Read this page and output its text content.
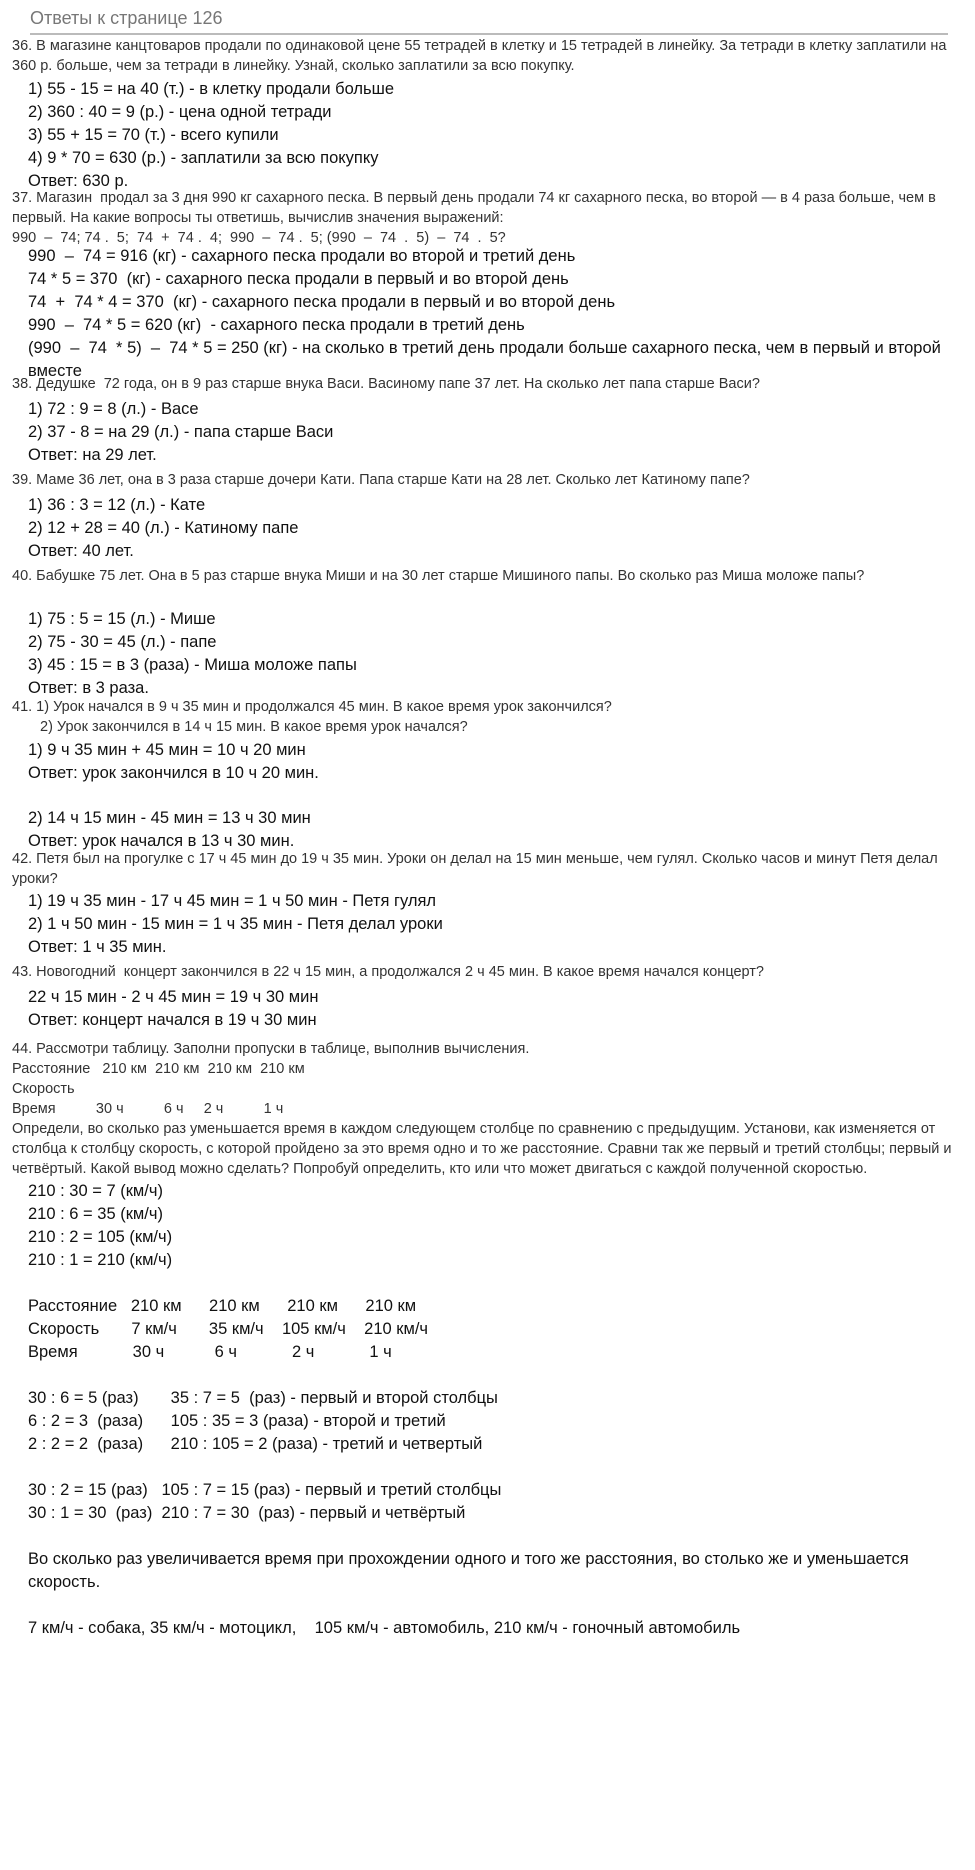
Ответы к странице 126
36. В магазине канцтоваров продали по одинаковой цене 55 тетрадей в клетку и 15 тетрадей в линейку. За тетради в клетку заплатили на 360 р. больше, чем за тетради в линейку. Узнай, сколько заплатили за всю покупку.
1) 55 - 15 = на 40 (т.) - в клетку продали больше
2) 360 : 40 = 9 (р.) - цена одной тетради
3) 55 + 15 = 70 (т.) - всего купили
4) 9 * 70 = 630 (р.) - заплатили за всю покупку
Ответ: 630 р.
37. Магазин  продал за 3 дня 990 кг сахарного песка. В первый день продали 74 кг сахарного песка, во второй — в 4 раза больше, чем в первый. На какие вопросы ты ответишь, вычислив значения выражений:
990  –  74; 74 .  5;  74  +  74 .  4;  990  –  74 .  5; (990  –  74  .  5)  –  74  .  5?
990  –  74 = 916 (кг) - сахарного песка продали во второй и третий день
74 * 5 = 370  (кг) - сахарного песка продали в первый и во второй день
74  +  74 * 4 = 370  (кг) - сахарного песка продали в первый и во второй день
990  –  74 * 5 = 620 (кг)  - сахарного песка продали в третий день
(990  –  74  * 5)  –  74 * 5 = 250 (кг) - на сколько в третий день продали больше сахарного песка, чем в первый и второй вместе
38. Дедушке  72 года, он в 9 раз старше внука Васи. Васиному папе 37 лет. На сколько лет папа старше Васи?
1) 72 : 9 = 8 (л.) - Васе
2) 37 - 8 = на 29 (л.) - папа старше Васи
Ответ: на 29 лет.
39. Маме 36 лет, она в 3 раза старше дочери Кати. Папа старше Кати на 28 лет. Сколько лет Катиному папе?
1) 36 : 3 = 12 (л.) - Кате
2) 12 + 28 = 40 (л.) - Катиному папе
Ответ: 40 лет.
40. Бабушке 75 лет. Она в 5 раз старше внука Миши и на 30 лет старше Мишиного папы. Во сколько раз Миша моложе папы?
1) 75 : 5 = 15 (л.) - Мише
2) 75 - 30 = 45 (л.) - папе
3) 45 : 15 = в 3 (раза) - Миша моложе папы
Ответ: в 3 раза.
41. 1) Урок начался в 9 ч 35 мин и продолжался 45 мин. В какое время урок закончился?
2) Урок закончился в 14 ч 15 мин. В какое время урок начался?
1) 9 ч 35 мин + 45 мин = 10 ч 20 мин
Ответ: урок закончился в 10 ч 20 мин.
2) 14 ч 15 мин - 45 мин = 13 ч 30 мин
Ответ: урок начался в 13 ч 30 мин.
42. Петя был на прогулке с 17 ч 45 мин до 19 ч 35 мин. Уроки он делал на 15 мин меньше, чем гулял. Сколько часов и минут Петя делал уроки?
1) 19 ч 35 мин - 17 ч 45 мин = 1 ч 50 мин - Петя гулял
2) 1 ч 50 мин - 15 мин = 1 ч 35 мин - Петя делал уроки
Ответ: 1 ч 35 мин.
43. Новогодний  концерт закончился в 22 ч 15 мин, а продолжался 2 ч 45 мин. В какое время начался концерт?
22 ч 15 мин - 2 ч 45 мин = 19 ч 30 мин
Ответ: концерт начался в 19 ч 30 мин
44. Рассмотри таблицу. Заполни пропуски в таблице, выполнив вычисления.
Расстояние   210 км  210 км  210 км  210 км
Скорость
Время          30 ч          6 ч     2 ч          1 ч
Определи, во сколько раз уменьшается время в каждом следующем столбце по сравнению с предыдущим. Установи, как изменяется от столбца к столбцу скорость, с которой пройдено за это время одно и то же расстояние. Сравни так же первый и третий столбцы; первый и четвёртый. Какой вывод можно сделать? Попробуй определить, кто или что может двигаться с каждой полученной скоростью.
210 : 30 = 7 (км/ч)
210 : 6 = 35 (км/ч)
210 : 2 = 105 (км/ч)
210 : 1 = 210 (км/ч)
Расстояние   210 км      210 км      210 км      210 км
Скорость       7 км/ч       35 км/ч    105 км/ч    210 км/ч
Время            30 ч           6 ч            2 ч            1 ч
30 : 6 = 5 (раз)       35 : 7 = 5  (раз) - первый и второй столбцы
6 : 2 = 3  (раза)      105 : 35 = 3 (раза) - второй и третий
2 : 2 = 2  (раза)      210 : 105 = 2 (раза) - третий и четвертый
30 : 2 = 15 (раз)   105 : 7 = 15 (раз) - первый и третий столбцы
30 : 1 = 30  (раз)  210 : 7 = 30  (раз) - первый и четвёртый
Во сколько раз увеличивается время при прохождении одного и того же расстояния, во столько же и уменьшается скорость.
7 км/ч - собака, 35 км/ч - мотоцикл,    105 км/ч - автомобиль, 210 км/ч - гоночный автомобиль
